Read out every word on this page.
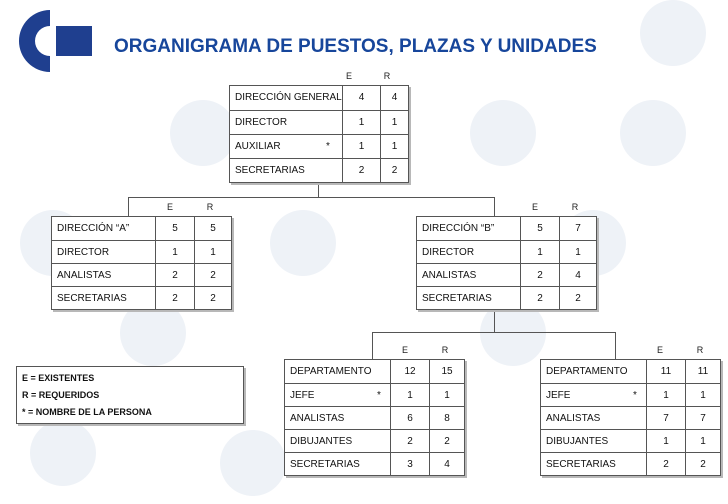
ORGANIGRAMA DE PUESTOS, PLAZAS Y UNIDADES
E	R
E	R	E	R
E	R	E	R
DIRECCIÓN GENERAL	4	4
DIRECTOR	1	1
AUXILIAR	*	1	1
SECRETARIAS	2	2
DIRECCIÓN “A”	5	5
DIRECTOR	1	1
ANALISTAS	2	2
SECRETARIAS	2	2
DIRECCIÓN “B”	5	7
DIRECTOR	1	1
ANALISTAS	2	4
SECRETARIAS	2	2
DEPARTAMENTO	12	15
JEFE	*	1	1
ANALISTAS	6	8
DIBUJANTES	2	2
SECRETARIAS	3	4
DEPARTAMENTO	11	11
JEFE	*	1	1
ANALISTAS	7	7
DIBUJANTES	1	1
SECRETARIAS	2	2
E = EXISTENTES
R = REQUERIDOS
* = NOMBRE DE LA PERSONA
